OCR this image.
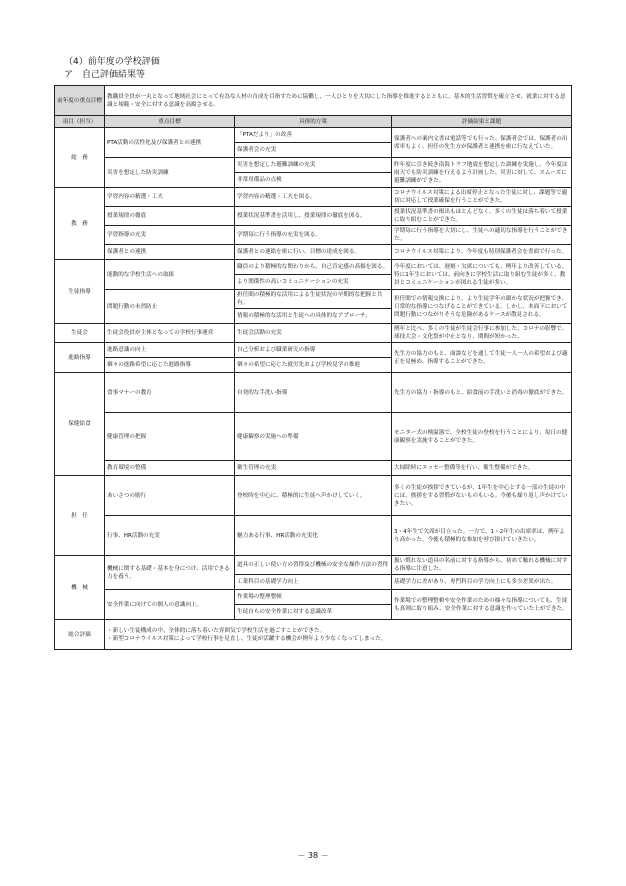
（4）前年度の学校評価
ア　自己評価結果等
前年度の重点目標	教職員全員が一丸となって地域社会にとって有為な人材の育成を目指すために協働し、一人ひとりを大切にした指導を推進するとともに、基本的生活習慣を確立させ、就業に対する意識と規範・安全に対する意識を高揚させる。		
項目（担当）	重点目標	具体的方策	評価結果と課題
総　務	PTA活動の活性化及び保護者との連携	「PTAだより」の改善	保護者への案内文書は電話等でも行った。保護者会では、保護者の出席率もよく、担任の先生方が保護者と連携を密に行なえていた。
		保護者会の充実	
	災害を想定した防災訓練	災害を想定した避難訓練の充実	昨年度に引き続き南海トラフ地震を想定した訓練を実施し、今年度は雨天でも防災訓練を行えるよう計画した。災害に対して、スムーズに避難訓練ができた。
		非常用備品の点検	
教　務	学習内容の精選・工夫	学習内容の精選・工夫を図る。	コロナウイルス対策による出席停止となった生徒に対し、課題等で適切に対応して授業確保を行うことができた。
	授業規律の徹底	授業状況基準書を活用し、授業規律の徹底を図る。	授業状況基準書の掲出もほとんどなく、多くの生徒は落ち着いて授業に取り組むことができた。
	学習指導の充実	学期毎に行う指導の充実を図る。	学期毎に行う指導を大切にし、生徒への適切な指導を行うことができた。
	保護者との連携	保護者との連絡を密に行い、目標の達成を図る。	コロナウイルス対策により、今年度も特別保護者会を書面で行った。
生徒指導	能動的な学校生活への取組	職員のより積極的な関わりから、自己肯定感の高揚を図る。	今年度においては、遅刻・欠席についても、例年より改善している。特に1年生においては、前向きに学校生活に取り組む生徒が多く、教員とコミュニケーションが図れる生徒が多い。
		より関係性の高いコミュニケーションの充実	
	問題行動の未然防止	担任間の積極的な活用による生徒状況の早期的な把握と共有。	担任間での情報交換により、より生徒学年の細かな状況が把握でき、日常的な指導につなげることができている。しかし、本面下において問題行動につながりそうな危険があるケースが散見される。
		情報の積極的な活用と生徒への具体的なアプローチ。	
生徒会	生徒会役員が主体となっての学校行事運営	生徒会活動の充実	例年と比べ、多くの生徒が生徒会行事に参加した。コロナの影響で、球技大会・文化祭が中止となり、期間が短かった。
進路指導	進路意識の向上	自己分析および職業研究の指導	先生方の協力のもと、面談などを通して生徒一人一人の希望および適正を見極め、指導することができた。
	個々の進路希望に応じた進路指導	個々の希望に応じた就労先および学校見学の推進	
保健給食	食事マナーの教育	自発的な手洗い指導	先生方の協力・指導のもと、給食前の手洗いと消毒の徹底ができた。
	健康管理の把握	健康観察の実施への準備	モニター式の検温器で、全校生徒の登校を行うことにより、毎日の健康観察を実施することができた。
	教育環境の整備	衛生管理の充実	大掃除時にエッセー整備等を行い、衛生整備ができた。
担　任	あいさつの励行	登校時を中心に、積極的に生徒へ声かけしていく。	多くの生徒が挨拶できているが、1年生を中心とする一部の生徒の中には、挨拶をする習慣がないものもいる。今後も繰り返し声かけていきたい。
	行事、HR活動の充実	魅力ある行事、HR活動の充実化	3・4年生で欠席が目立った。一方で、1・2年生の出席率は、例年より高かった。今後も積極的な参加を呼び掛けていきたい。
機　械	機械に関する基礎・基本を身につけ、活用できる力を養う。	道具の正しい使い方の習得及び機械の安全な操作方法の習得	扱い慣れない道具の名前に対する指導から、初めて触れる機械に対する指導に注意した。
		工業科目の基礎学力向上	基礎学力に差があり、専門科目の学力向上にも多少差異が出た。
	安全作業に向けての個人の意識向上。	作業場の整理整頓	作業場での整理整頓や安全作業のための様々な指導についても、生徒も真剣に取り組み、安全作業に対する意識を作っていた上ができた。
		生徒自らの安全作業に対する意識改革	
総合評価	・新しい生徒構成の中、全体的に落ち着いた雰囲気で学校生活を過ごすことができた。
・新型コロナウイルス対策によって学校行事を見直し、生徒が活躍する機会が例年より少なくなってしまった。		
－ 38 －
